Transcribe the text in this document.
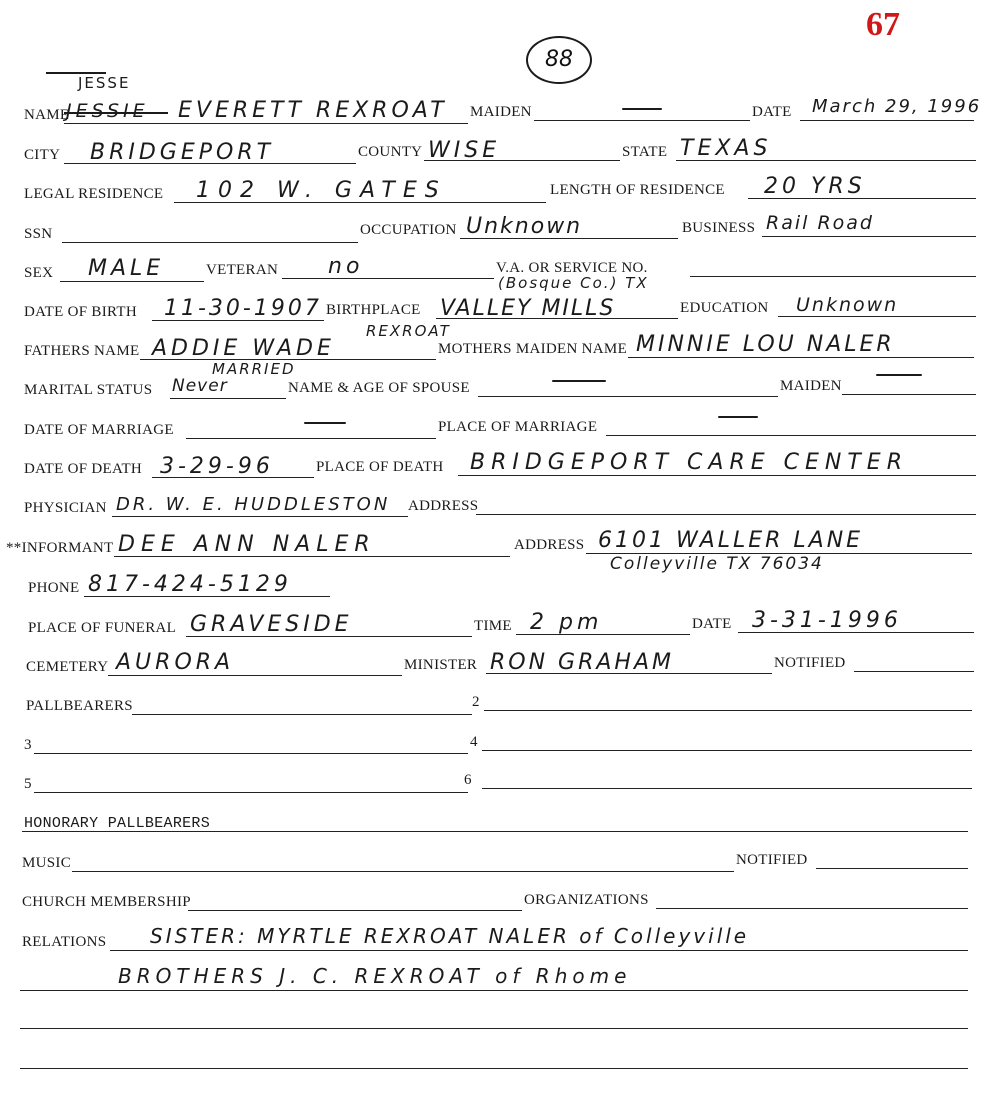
67
88
JESSE
NAME
JESSIE EVERETT REXROAT MAIDEN	DATE March 29, 1996
CITY BRIDGEPORT	COUNTY WISE	STATE TEXAS
LEGAL RESIDENCE 102 W. GATES	LENGTH OF RESIDENCE 20 YRS
SSN	OCCUPATION Unknown	BUSINESS Rail Road
SEX MALE	VETERAN no	V.A. OR SERVICE NO.
(Bosque Co.) TX
DATE OF BIRTH 11-30-1907 BIRTHPLACE VALLEY MILLS	EDUCATION Unknown
REXROAT
FATHERS NAME ADDIE WADE	MOTHERS MAIDEN NAME MINNIE LOU NALER
MARRIED
MARITAL STATUS Never	NAME & AGE OF SPOUSE	MAIDEN
DATE OF MARRIAGE	PLACE OF MARRIAGE
DATE OF DEATH 3-29-96	PLACE OF DEATH BRIDGEPORT CARE CENTER
PHYSICIAN DR. W. E. HUDDLESTON ADDRESS
**INFORMANT DEE ANN NALER	ADDRESS 6101 WALLER LANE
Colleyville TX 76034
PHONE 817-424-5129
PLACE OF FUNERAL GRAVESIDE	TIME 2 pm	DATE 3-31-1996
CEMETERY AURORA	MINISTER RON GRAHAM	NOTIFIED
PALLBEARERS	2
3	4
5	6
HONORARY PALLBEARERS
MUSIC	NOTIFIED
CHURCH MEMBERSHIP	ORGANIZATIONS
RELATIONS SISTER: MYRTLE REXROAT NALER of Colleyville
BROTHERS J. C. REXROAT of Rhome
